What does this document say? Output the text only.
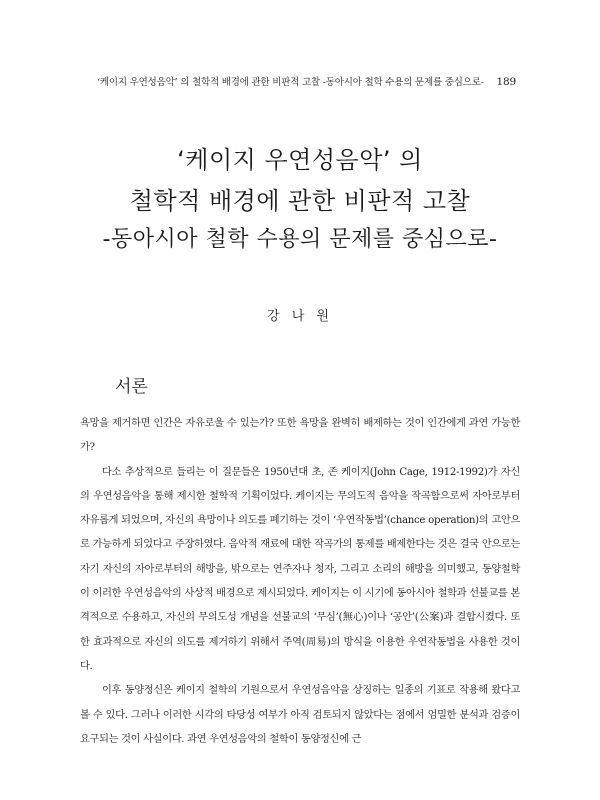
‘케이지 우연성음악’ 의 철학적 배경에 관한 비판적 고찰 -동아시아 철학 수용의 문제를 중심으로- 189
‘케이지 우연성음악’ 의
철학적 배경에 관한 비판적 고찰
-동아시아 철학 수용의 문제를 중심으로-
강 나 원
서론

욕망을 제거하면 인간은 자유로울 수 있는가? 또한 욕망을 완벽히 배제하는 것이 인간에게 과연 가능한가?

다소 추상적으로 들리는 이 질문들은 1950년대 초, 존 케이지(John Cage, 1912-1992)가 자신의 우연성음악을 통해 제시한 철학적 기획이었다. 케이지는 무의도적 음악을 작곡함으로써 자아로부터 자유롭게 되었으며, 자신의 욕망이나 의도를 폐기하는 것이 ‘우연작동법’(chance operation)의 고안으로 가능하게 되었다고 주장하였다. 음악적 재료에 대한 작곡가의 통제를 배제한다는 것은 결국 안으로는 자기 자신의 자아로부터의 해방을, 밖으로는 연주자나 청자, 그리고 소리의 해방을 의미했고, 동양철학이 이러한 우연성음악의 사상적 배경으로 제시되었다. 케이지는 이 시기에 동아시아 철학과 선불교를 본격적으로 수용하고, 자신의 무의도성 개념을 선불교의 ‘무심’(無心)이나 ‘공안’(公案)과 결합시켰다. 또한 효과적으로 자신의 의도를 제거하기 위해서 주역(周易)의 방식을 이용한 우연작동법을 사용한 것이다.

이후 동양정신은 케이지 철학의 기원으로서 우연성음악을 상징하는 일종의 기표로 작용해 왔다고 볼 수 있다. 그러나 이러한 시각의 타당성 여부가 아직 검토되지 않았다는 점에서 엄밀한 분석과 검증이 요구되는 것이 사실이다. 과연 우연성음악의 철학이 동양정신에 근
